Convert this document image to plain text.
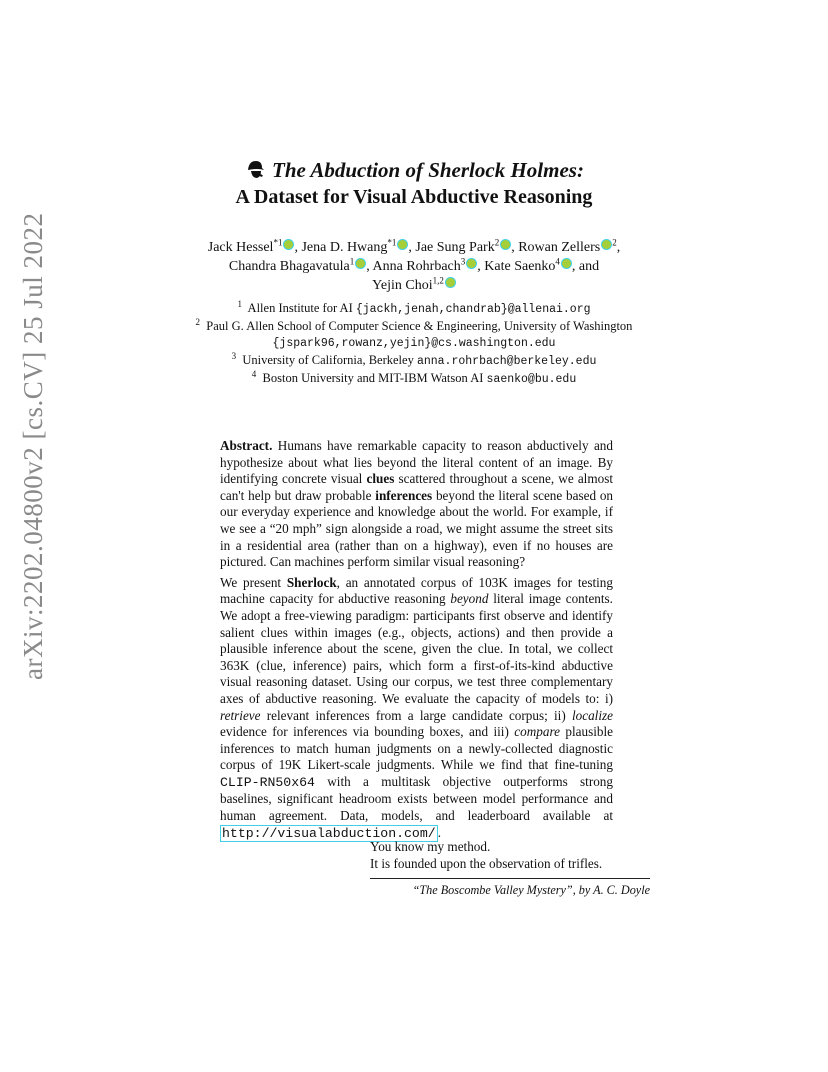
arXiv:2202.04800v2 [cs.CV] 25 Jul 2022
The Abduction of Sherlock Holmes:
A Dataset for Visual Abductive Reasoning
Jack Hessel$^{*1}$ , Jena D. Hwang$^{*1}$ , Jae Sung Park$^2$ , Rowan Zellers $^2$,
Chandra Bhagavatula$^1$ , Anna Rohrbach$^3$ , Kate Saenko$^4$ , and
Yejin Choi$^{1,2}$
$^1$ Allen Institute for AI {jackh,jenah,chandrab}@allenai.org
$^2$ Paul G. Allen School of Computer Science & Engineering, University of Washington
{jspark96,rowanz,yejin}@cs.washington.edu
$^3$ University of California, Berkeley anna.rohrbach@berkeley.edu
$^4$ Boston University and MIT-IBM Watson AI saenko@bu.edu

Abstract. Humans have remarkable capacity to reason abductively and hypothesize about what lies beyond the literal content of an image. By identifying concrete visual clues scattered throughout a scene, we almost can't help but draw probable inferences beyond the literal scene based on our everyday experience and knowledge about the world. For example, if we see a “20 mph” sign alongside a road, we might assume the street sits in a residential area (rather than on a highway), even if no houses are pictured. Can machines perform similar visual reasoning?

We present Sherlock, an annotated corpus of 103K images for testing machine capacity for abductive reasoning beyond literal image contents. We adopt a free-viewing paradigm: participants first observe and identify salient clues within images (e.g., objects, actions) and then provide a plausible inference about the scene, given the clue. In total, we collect 363K (clue, inference) pairs, which form a first-of-its-kind abductive visual reasoning dataset. Using our corpus, we test three complementary axes of abductive reasoning. We evaluate the capacity of models to: i) retrieve relevant inferences from a large candidate corpus; ii) localize evidence for inferences via bounding boxes, and iii) compare plausible inferences to match human judgments on a newly-collected diagnostic corpus of 19K Likert-scale judgments. While we find that fine-tuning CLIP-RN50x64 with a multitask objective outperforms strong baselines, significant headroom exists between model performance and human agreement. Data, models, and leaderboard available at http://visualabduction.com/ .

You know my method.
It is founded upon the observation of trifles.
“The Boscombe Valley Mystery”, by A. C. Doyle
